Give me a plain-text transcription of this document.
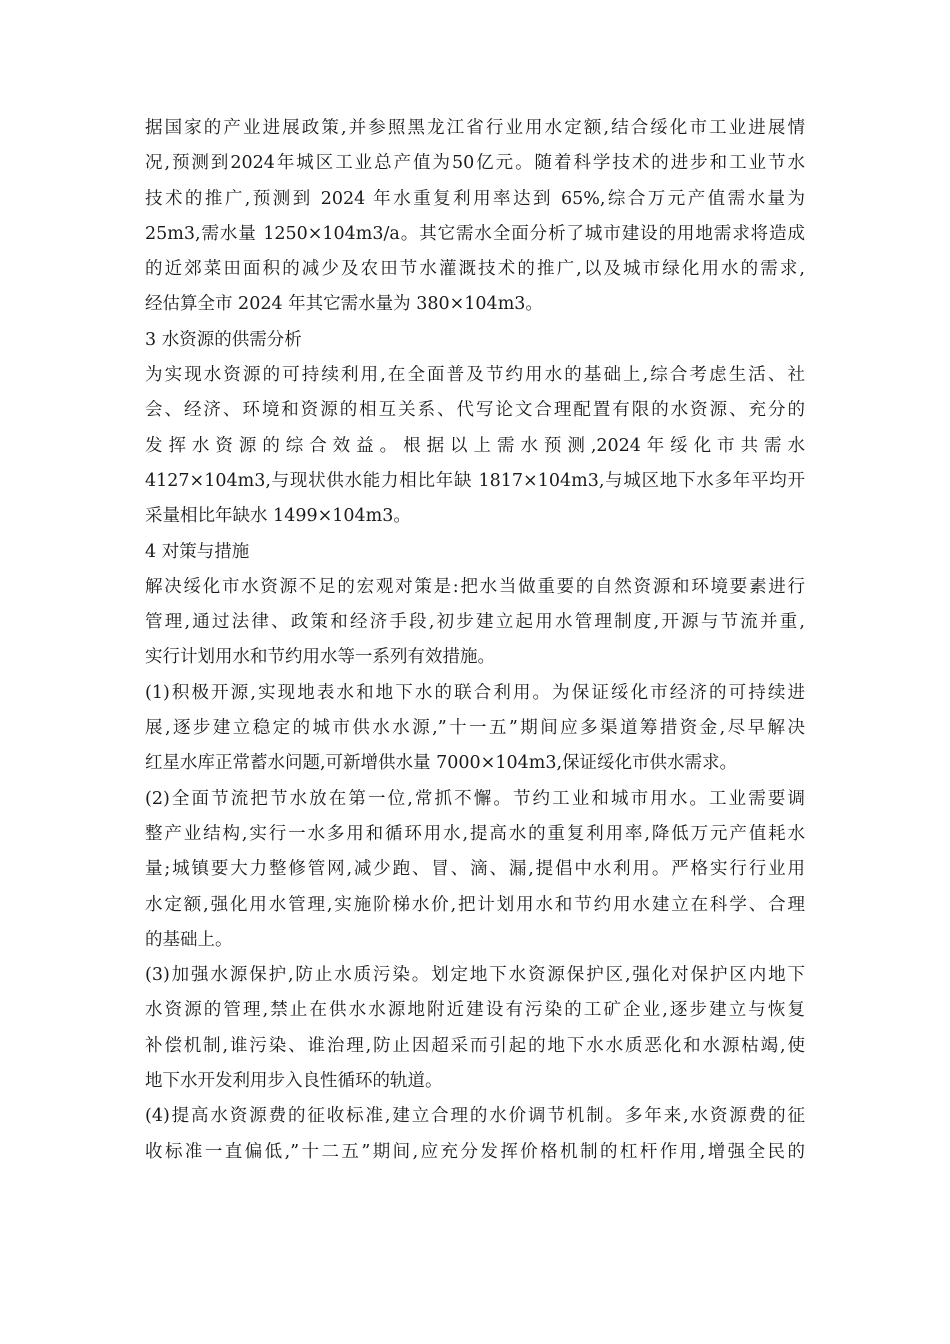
据国家的产业进展政策,并参照黑龙江省行业用水定额,结合绥化市工业进展情
况,预测到2024年城区工业总产值为50亿元。随着科学技术的进步和工业节水
技术的推广,预测到 2024 年水重复利用率达到 65%,综合万元产值需水量为
25m3,需水量 1250×104m3/a。其它需水全面分析了城市建设的用地需求将造成
的近郊菜田面积的减少及农田节水灌溉技术的推广,以及城市绿化用水的需求,
经估算全市 2024 年其它需水量为 380×104m3。
3 水资源的供需分析
为实现水资源的可持续利用,在全面普及节约用水的基础上,综合考虑生活、社
会、经济、环境和资源的相互关系、代写论文合理配置有限的水资源、充分的
发 挥 水 资 源 的 综 合 效 益 。 根 据 以 上 需 水 预 测 ,2024 年 绥 化 市 共 需 水
4127×104m3,与现状供水能力相比年缺 1817×104m3,与城区地下水多年平均开
采量相比年缺水 1499×104m3。
4 对策与措施
解决绥化市水资源不足的宏观对策是:把水当做重要的自然资源和环境要素进行
管理,通过法律、政策和经济手段,初步建立起用水管理制度,开源与节流并重,
实行计划用水和节约用水等一系列有效措施。
(1)积极开源,实现地表水和地下水的联合利用。为保证绥化市经济的可持续进
展,逐步建立稳定的城市供水水源,”十一五”期间应多渠道筹措资金,尽早解决
红星水库正常蓄水问题,可新增供水量 7000×104m3,保证绥化市供水需求。
(2)全面节流把节水放在第一位,常抓不懈。节约工业和城市用水。工业需要调
整产业结构,实行一水多用和循环用水,提高水的重复利用率,降低万元产值耗水
量;城镇要大力整修管网,减少跑、冒、滴、漏,提倡中水利用。严格实行行业用
水定额,强化用水管理,实施阶梯水价,把计划用水和节约用水建立在科学、合理
的基础上。
(3)加强水源保护,防止水质污染。划定地下水资源保护区,强化对保护区内地下
水资源的管理,禁止在供水水源地附近建设有污染的工矿企业,逐步建立与恢复
补偿机制,谁污染、谁治理,防止因超采而引起的地下水水质恶化和水源枯竭,使
地下水开发利用步入良性循环的轨道。
(4)提高水资源费的征收标准,建立合理的水价调节机制。多年来,水资源费的征
收标准一直偏低,”十二五”期间,应充分发挥价格机制的杠杆作用,增强全民的
